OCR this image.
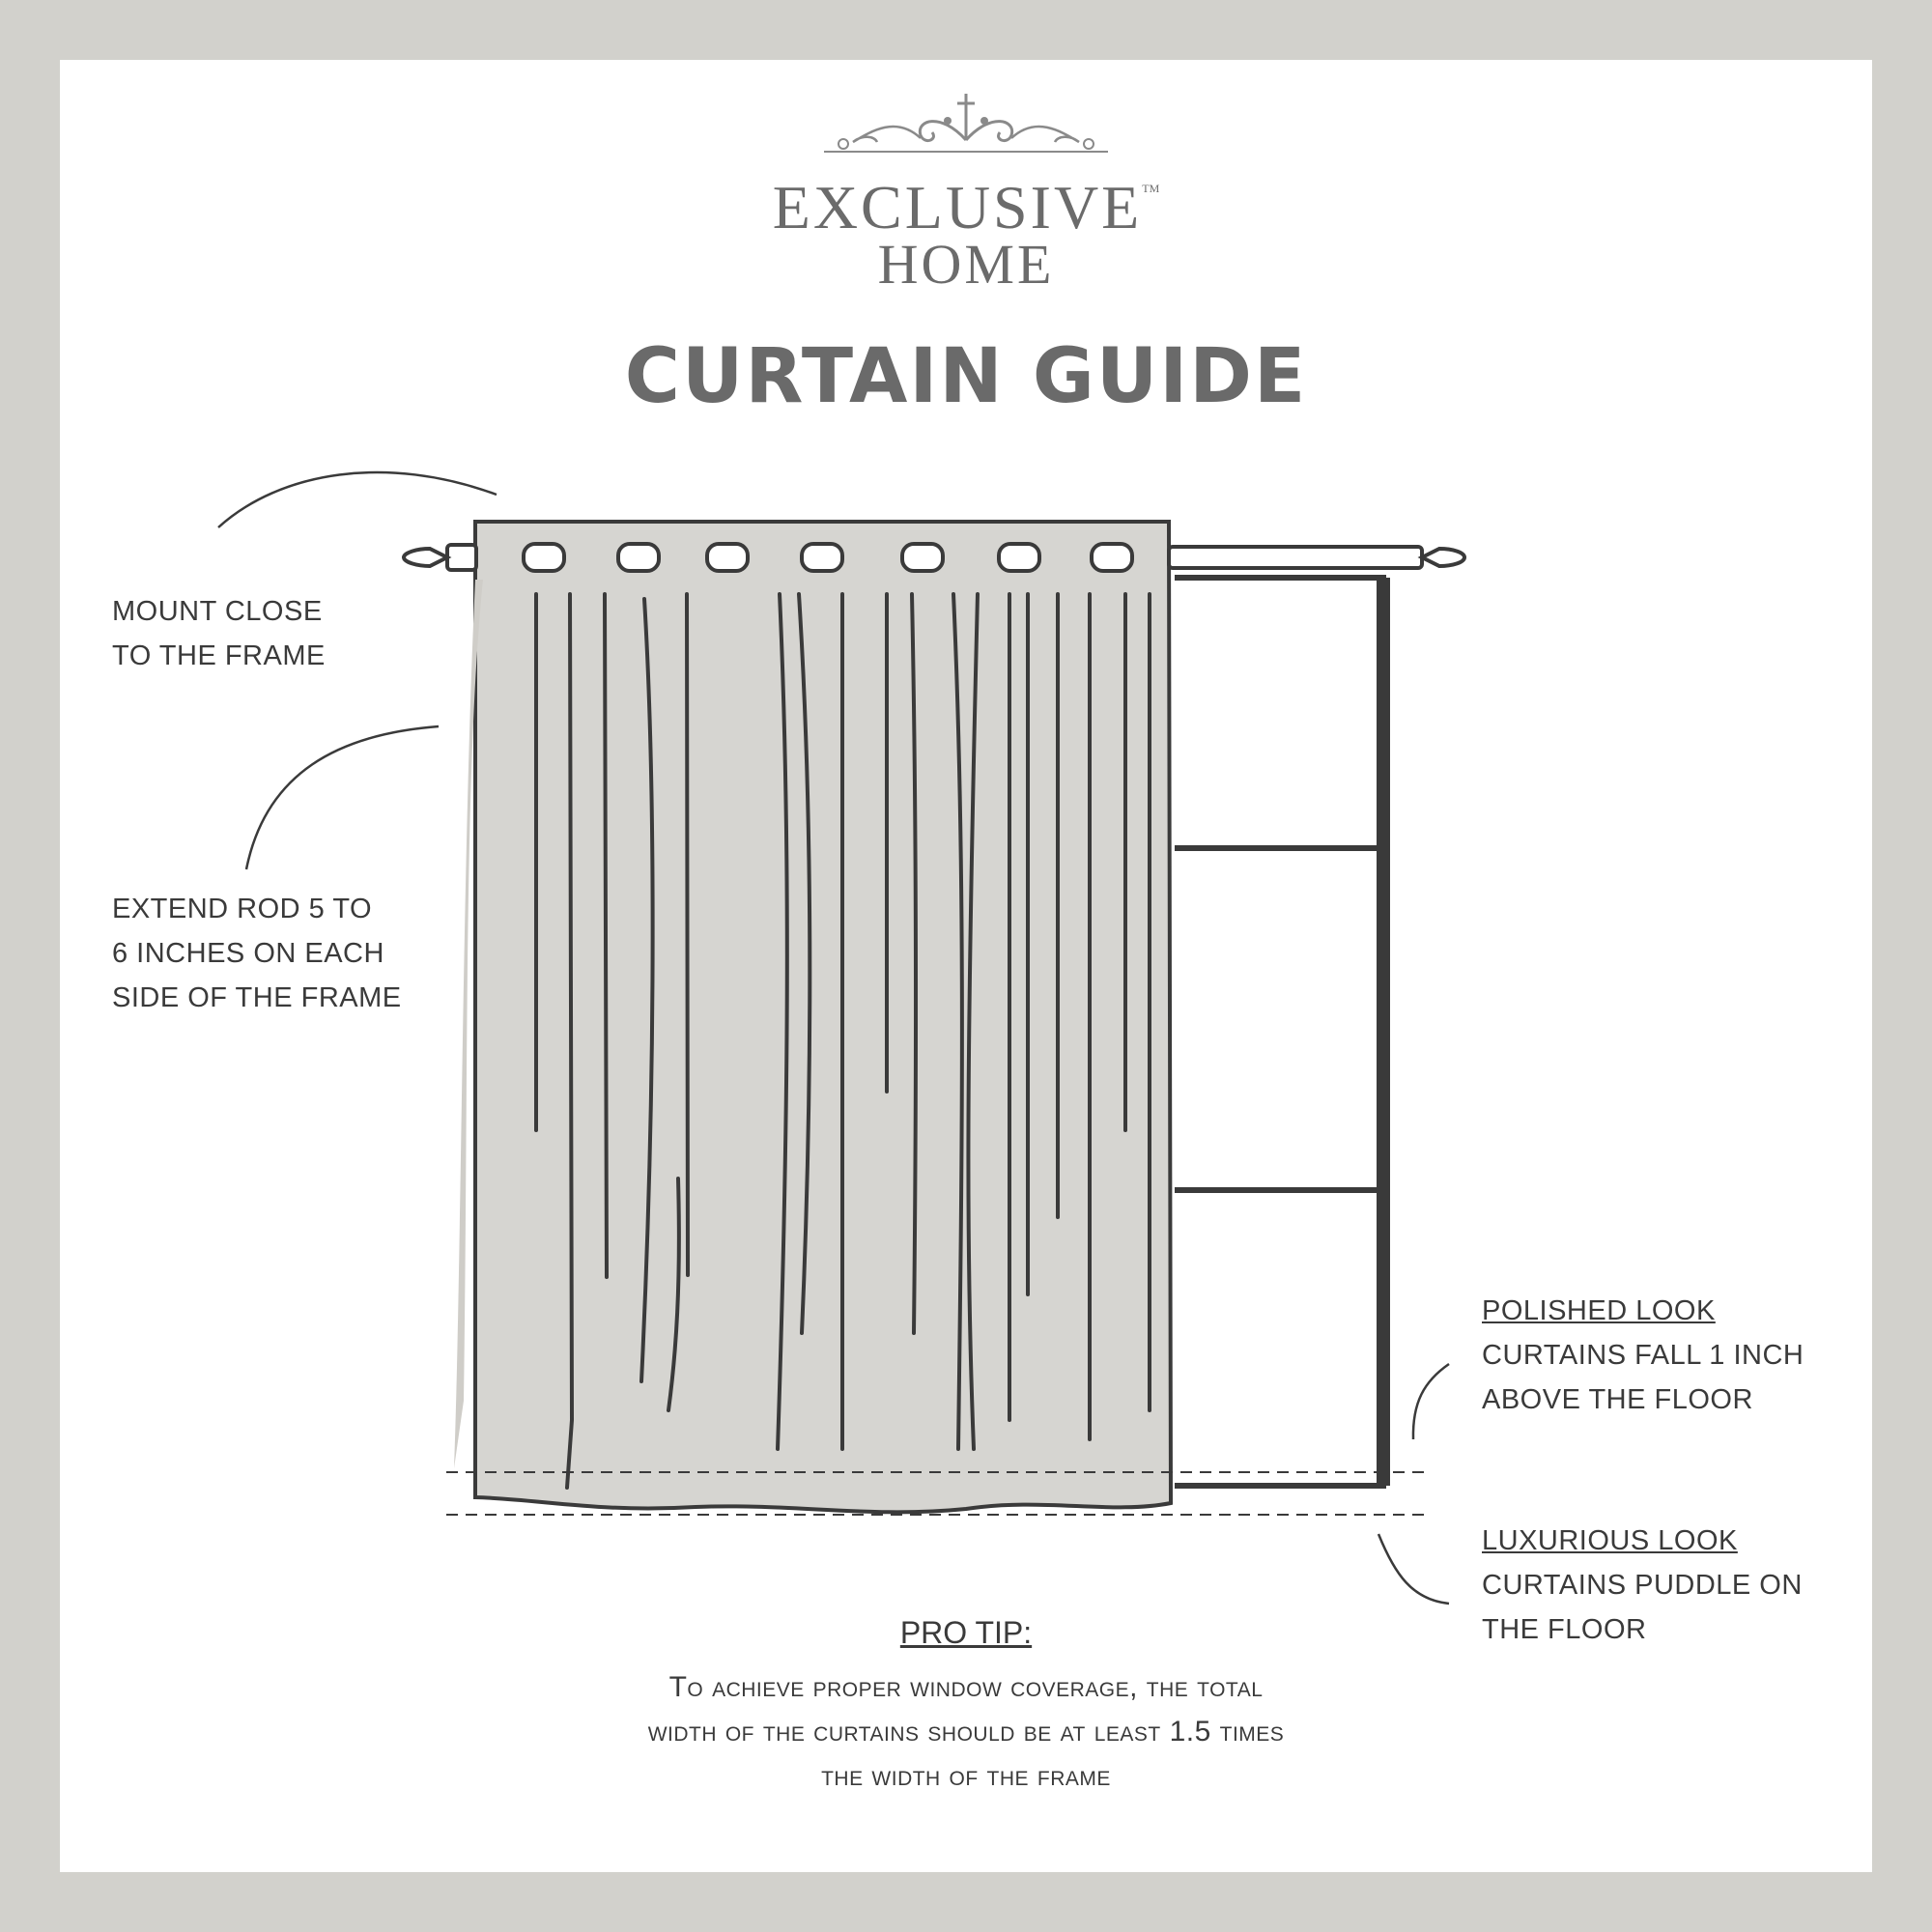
EXCLUSIVE™
HOME
CURTAIN GUIDE
MOUNT CLOSE
TO THE FRAME
EXTEND ROD 5 TO
6 INCHES ON EACH
SIDE OF THE FRAME
POLISHED LOOK
CURTAINS FALL 1 INCH
ABOVE THE FLOOR
LUXURIOUS LOOK
CURTAINS PUDDLE ON
THE FLOOR
PRO TIP:
To achieve proper window coverage, the total
width of the curtains should be at least 1.5 times
the width of the frame
